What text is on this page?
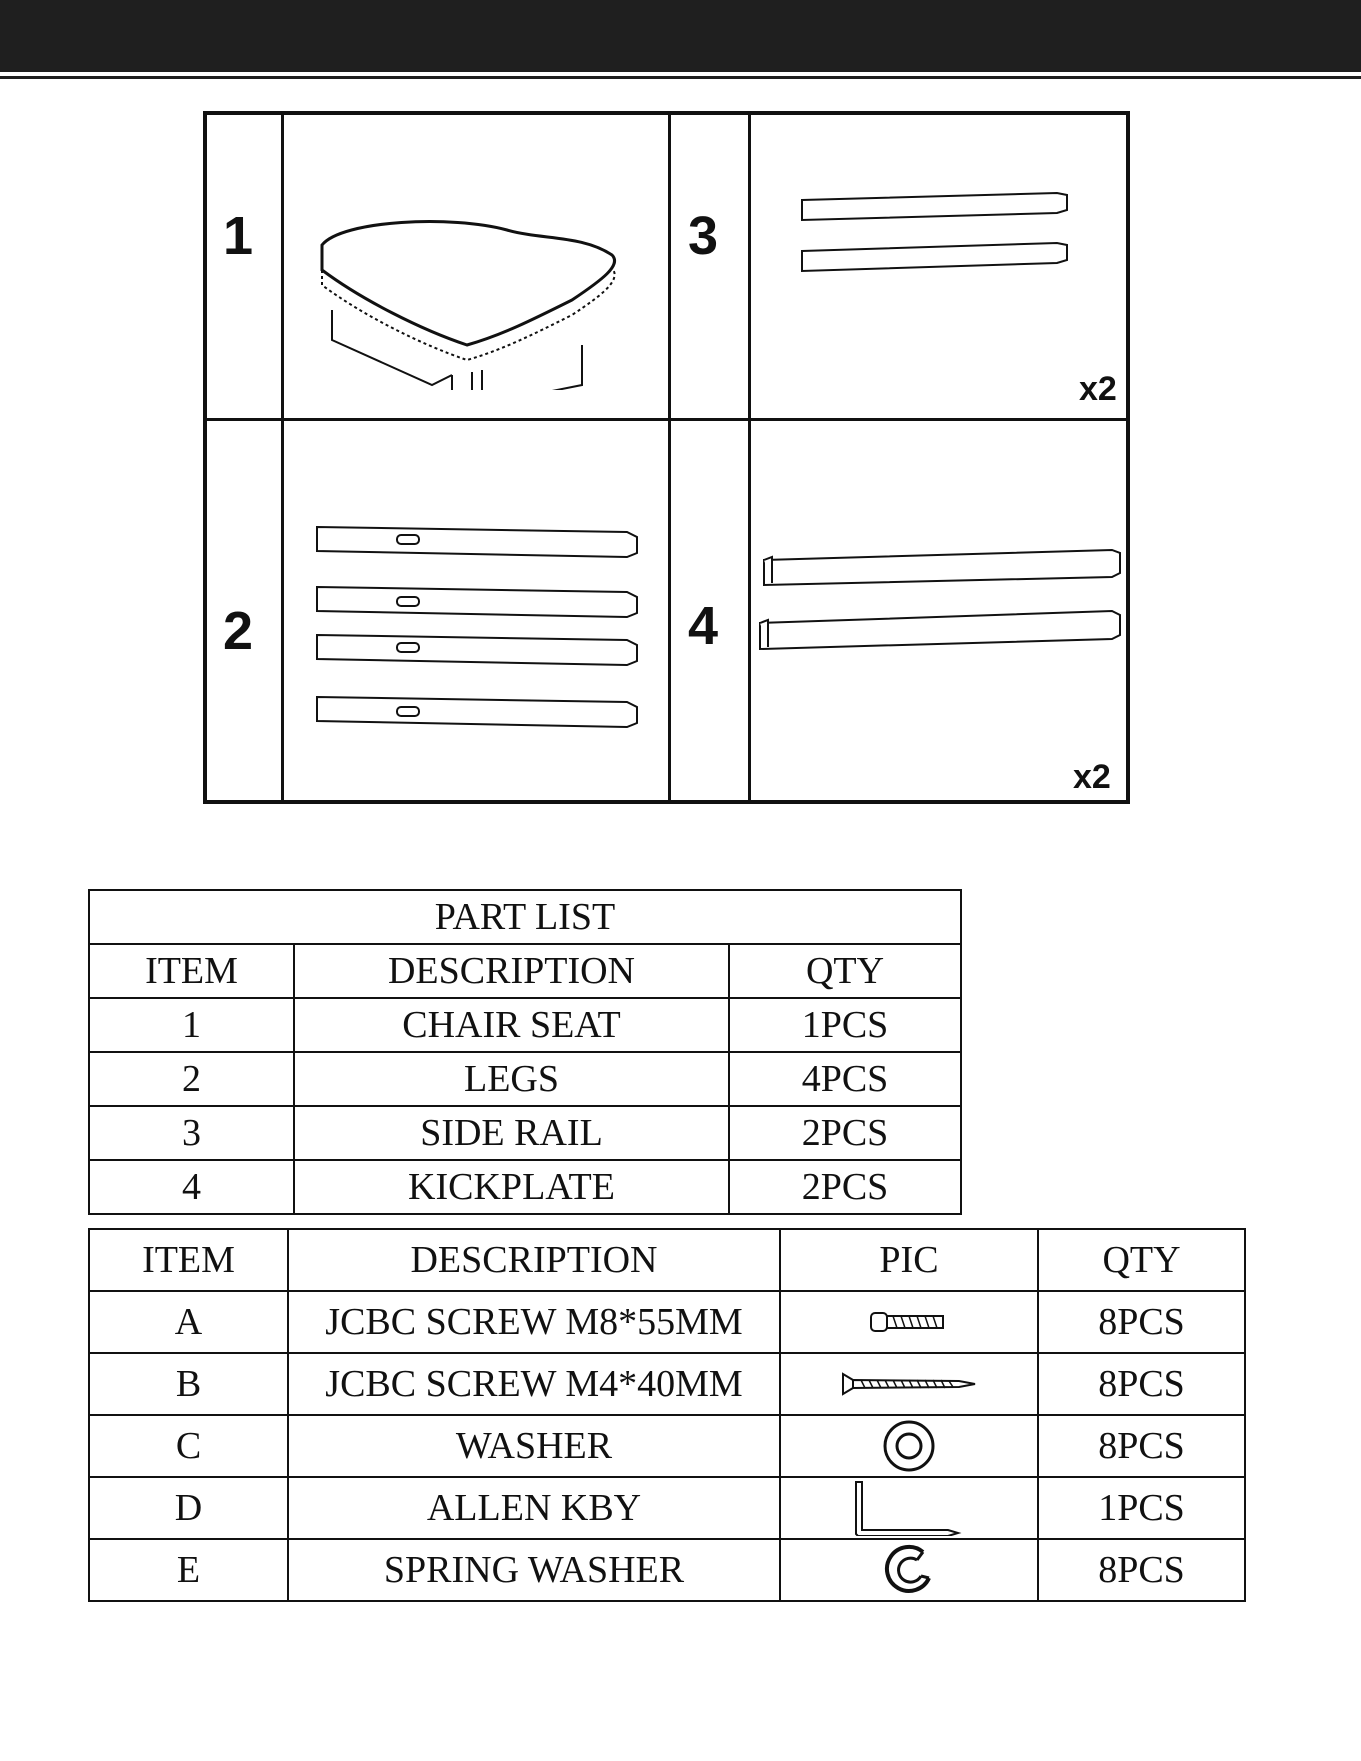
1
2
3
x2
4
x2
PART LIST		
ITEM	DESCRIPTION	QTY
1	CHAIR SEAT	1PCS
2	LEGS	4PCS
3	SIDE RAIL	2PCS
4	KICKPLATE	2PCS
ITEM	DESCRIPTION	PIC	QTY
A	JCBC SCREW M8*55MM		8PCS
B	JCBC SCREW M4*40MM		8PCS
C	WASHER		8PCS
D	ALLEN KBY		1PCS
E	SPRING WASHER		8PCS
